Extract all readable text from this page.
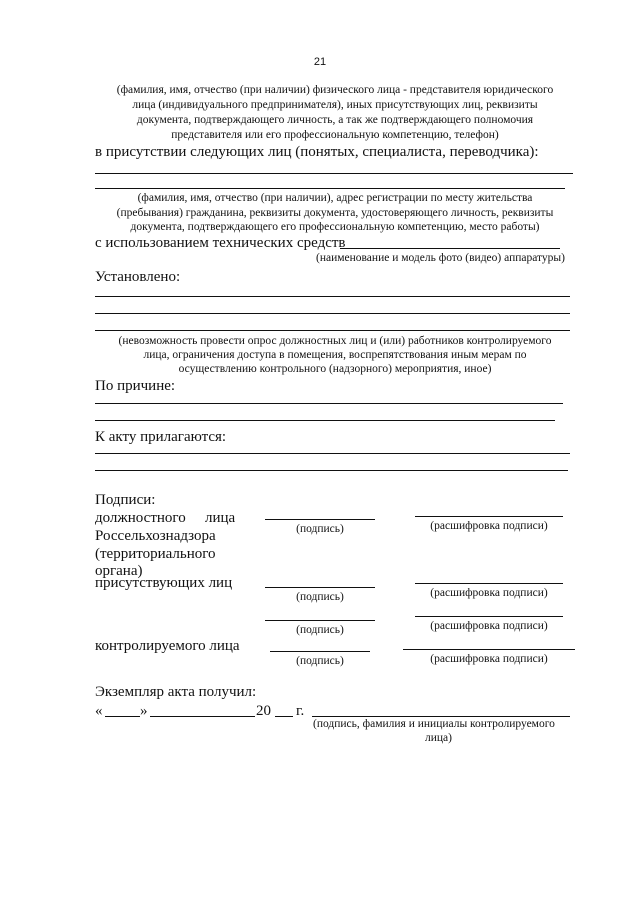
21
(фамилия, имя, отчество (при наличии) физического лица - представителя юридического
лица (индивидуального предпринимателя), иных присутствующих лиц, реквизиты
документа, подтверждающего личность, а так же подтверждающего полномочия
представителя или его профессиональную компетенцию, телефон)
в присутствии следующих лиц (понятых, специалиста, переводчика):
(фамилия, имя, отчество (при наличии), адрес регистрации по месту жительства
(пребывания) гражданина, реквизиты документа, удостоверяющего личность, реквизиты
документа, подтверждающего его профессиональную компетенцию, место работы)
с использованием технических средств
(наименование и модель фото (видео) аппаратуры)
Установлено:
(невозможность провести опрос должностных лиц и (или) работников контролируемого
лица, ограничения доступа в помещения, воспрепятствования иным мерам по
осуществлению контрольного (надзорного) мероприятия, иное)
По причине:
К акту прилагаются:
Подписи:
должностного лица
Россельхознадзора
(территориального
органа)
(подпись)	(расшифровка подписи)
присутствующих лиц
(подпись)	(расшифровка подписи)
(подпись)	(расшифровка подписи)
контролируемого лица
(подпись)	(расшифровка подписи)
Экземпляр акта получил:
«	»	20 г.
(подпись, фамилия и инициалы контролируемого
лица)
